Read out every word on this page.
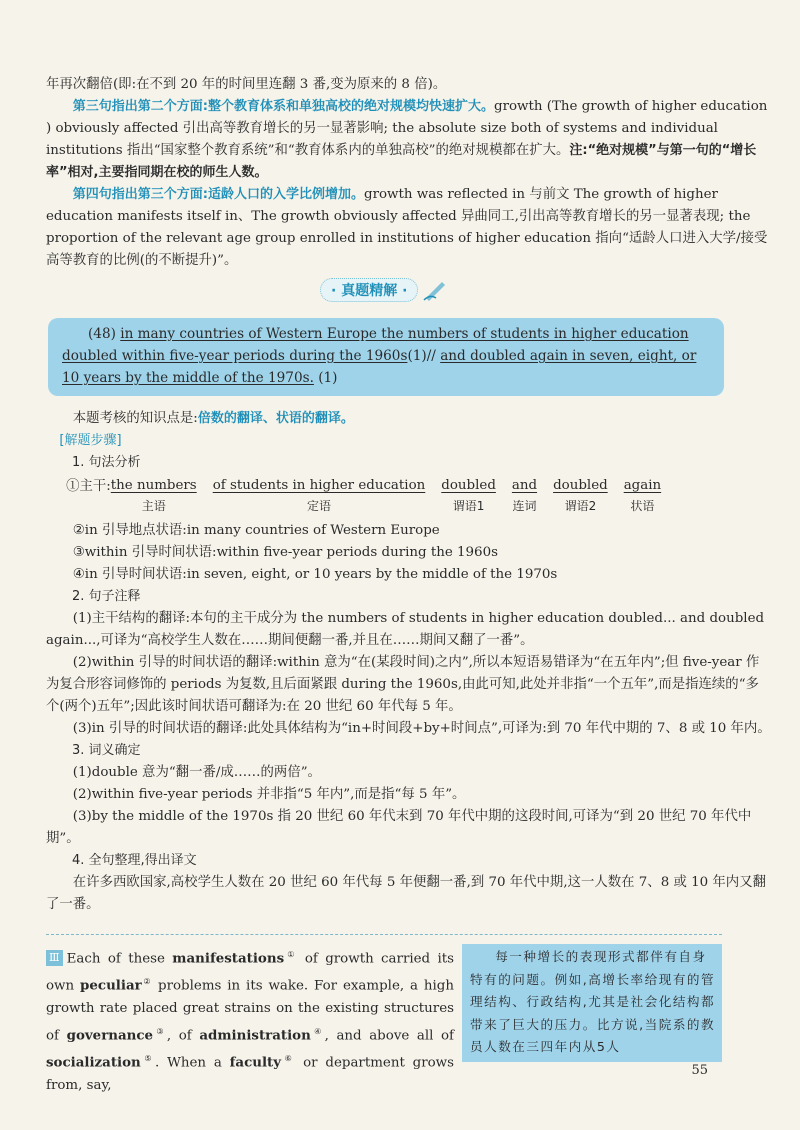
年再次翻倍(即:在不到 20 年的时间里连翻 3 番,变为原来的 8 倍)。

第三句指出第二个方面:整个教育体系和单独高校的绝对规模均快速扩大。growth (The growth of higher education ) obviously affected 引出高等教育增长的另一显著影响; the absolute size both of systems and individual institutions 指出“国家整个教育系统”和“教育体系内的单独高校”的绝对规模都在扩大。注:“绝对规模”与第一句的“增长率”相对,主要指同期在校的师生人数。

第四句指出第三个方面:适龄人口的入学比例增加。growth was reflected in 与前文 The growth of higher education manifests itself in、The growth obviously affected 异曲同工,引出高等教育增长的另一显著表现; the proportion of the relevant age group enrolled in institutions of higher education 指向“适龄人口进入大学/接受高等教育的比例(的不断提升)”。

· 真题精解 ·
(48) in many countries of Western Europe the numbers of students in higher education doubled within five-year periods during the 1960s(1)// and doubled again in seven, eight, or 10 years by the middle of the 1970s. (1)

本题考核的知识点是:倍数的翻译、状语的翻译。

[解题步骤]

1. 句法分析

①主干: the numbers
主语
of students in higher education
定语
doubled
谓语1
and
连词
doubled
谓语2
again
状语

②in 引导地点状语:in many countries of Western Europe

③within 引导时间状语:within five-year periods during the 1960s

④in 引导时间状语:in seven, eight, or 10 years by the middle of the 1970s

2. 句子注释

(1)主干结构的翻译:本句的主干成分为 the numbers of students in higher education doubled... and doubled again...,可译为“高校学生人数在……期间便翻一番,并且在……期间又翻了一番”。

(2)within 引导的时间状语的翻译:within 意为“在(某段时间)之内”,所以本短语易错译为“在五年内”;但 five-year 作为复合形容词修饰的 periods 为复数,且后面紧跟 during the 1960s,由此可知,此处并非指“一个五年”,而是指连续的“多个(两个)五年”;因此该时间状语可翻译为:在 20 世纪 60 年代每 5 年。

(3)in 引导的时间状语的翻译:此处具体结构为“in+时间段+by+时间点”,可译为:到 70 年代中期的 7、8 或 10 年内。

3. 词义确定

(1)double 意为“翻一番/成……的两倍”。

(2)within five-year periods 并非指“5 年内”,而是指“每 5 年”。

(3)by the middle of the 1970s 指 20 世纪 60 年代末到 70 年代中期的这段时间,可译为“到 20 世纪 70 年代中期”。

4. 全句整理,得出译文

在许多西欧国家,高校学生人数在 20 世纪 60 年代每 5 年便翻一番,到 70 年代中期,这一人数在 7、8 或 10 年内又翻了一番。

Ⅲ Each of these manifestations① of growth carried its own peculiar② problems in its wake. For example, a high growth rate placed great strains on the existing structures of governance③, of administration④, and above all of socialization⑤. When a faculty⑥ or department grows from, say,
每一种增长的表现形式都伴有自身特有的问题。例如,高增长率给现有的管理结构、行政结构,尤其是社会化结构都带来了巨大的压力。比方说,当院系的教员人数在三四年内从5人
55
